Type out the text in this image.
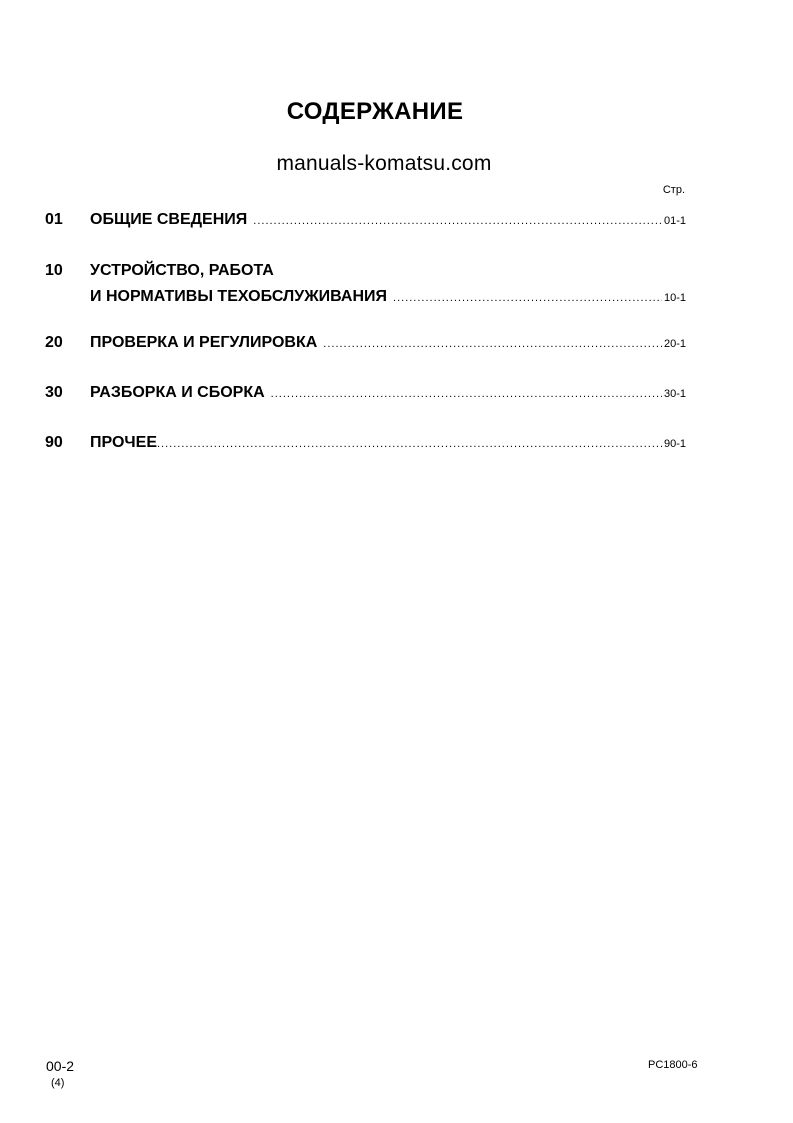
СОДЕРЖАНИЕ
manuals-komatsu.com
Стр.
01	ОБЩИЕ СВЕДЕНИЯ .....	01-1
10	УСТРОЙСТВО, РАБОТА
И НОРМАТИВЫ ТЕХОБСЛУЖИВАНИЯ .....	10-1
20	ПРОВЕРКА И РЕГУЛИРОВКА .....	20-1
30	РАЗБОРКА И СБОРКА .....	30-1
90	ПРОЧЕЕ .....	90-1
00-2
(4)
PC1800-6
